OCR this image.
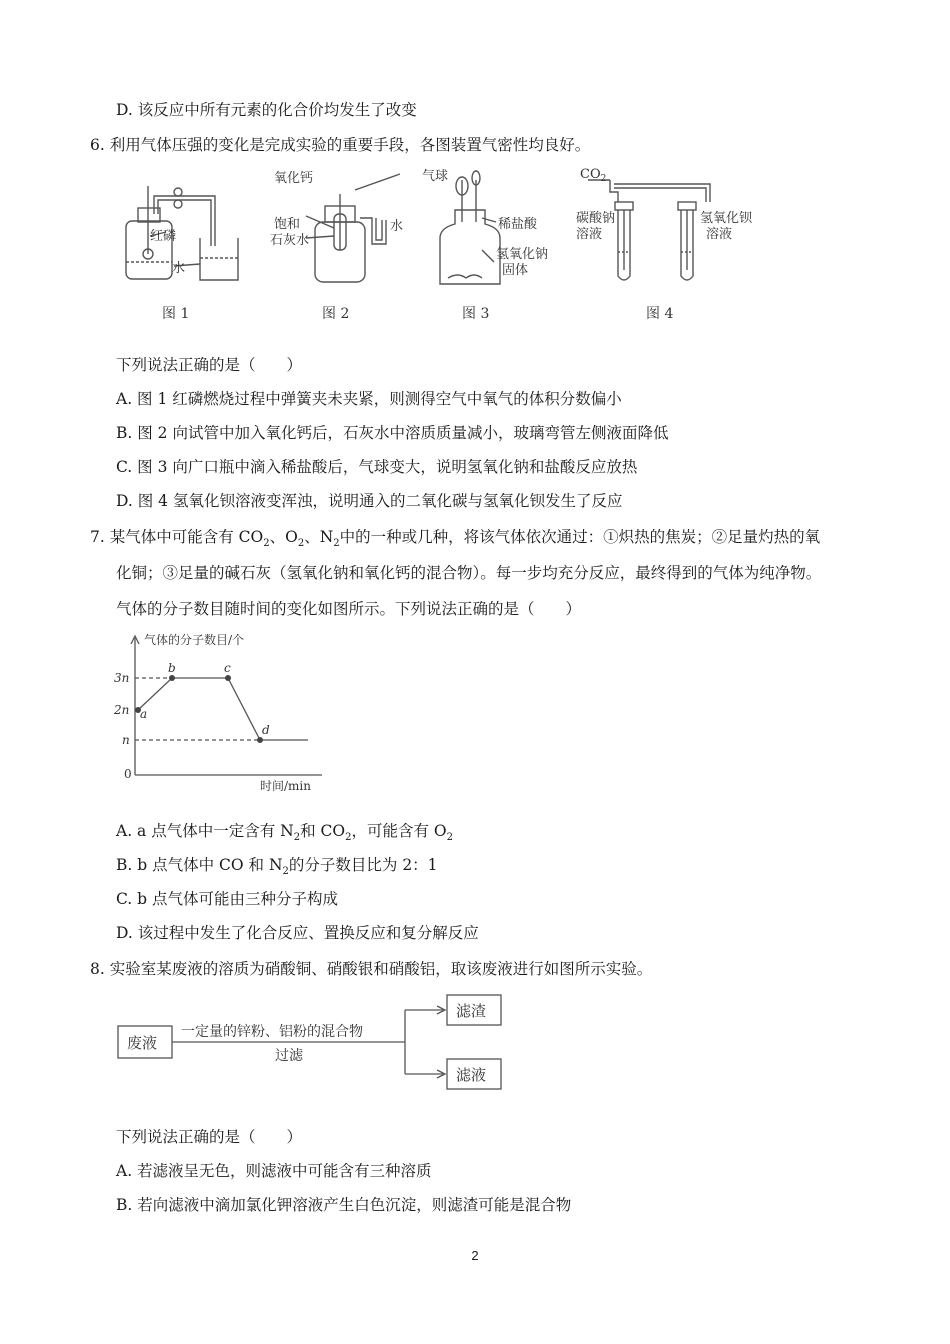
D. 该反应中所有元素的化合价均发生了改变
6. 利用气体压强的变化是完成实验的重要手段，各图装置气密性均良好。
红磷
水
图 1
氧化钙
饱和
石灰水
水
图 2
气球
稀盐酸
氢氧化钠
固体
图 3
$CO_2$
碳酸钠
溶液
氢氧化钡
溶液
图 4
下列说法正确的是（　　）
A. 图 1 红磷燃烧过程中弹簧夹未夹紧，则测得空气中氧气的体积分数偏小
B. 图 2 向试管中加入氧化钙后，石灰水中溶质质量减小，玻璃弯管左侧液面降低
C. 图 3 向广口瓶中滴入稀盐酸后，气球变大，说明氢氧化钠和盐酸反应放热
D. 图 4 氢氧化钡溶液变浑浊，说明通入的二氧化碳与氢氧化钡发生了反应
7. 某气体中可能含有 $CO_2$、$O_2$、$N_2$中的一种或几种，将该气体依次通过：①炽热的焦炭；②足量灼热的氧
化铜；③足量的碱石灰（氢氧化钠和氧化钙的混合物）。每一步均充分反应，最终得到的气体为纯净物。
气体的分子数目随时间的变化如图所示。下列说法正确的是（　　）
气体的分子数目/个
时间/min
3n
2n
n
0
a
b	c
d
A. a 点气体中一定含有 $N_2$和 $CO_2$，可能含有 $O_2$
B. b 点气体中 CO 和 $N_2$的分子数目比为 2：1
C. b 点气体可能由三种分子构成
D. 该过程中发生了化合反应、置换反应和复分解反应
8. 实验室某废液的溶质为硝酸铜、硝酸银和硝酸铝，取该废液进行如图所示实验。
废液
一定量的锌粉、铝粉的混合物
过滤
滤渣
滤液
下列说法正确的是（　　）
A. 若滤液呈无色，则滤液中可能含有三种溶质
B. 若向滤液中滴加氯化钾溶液产生白色沉淀，则滤渣可能是混合物
2
